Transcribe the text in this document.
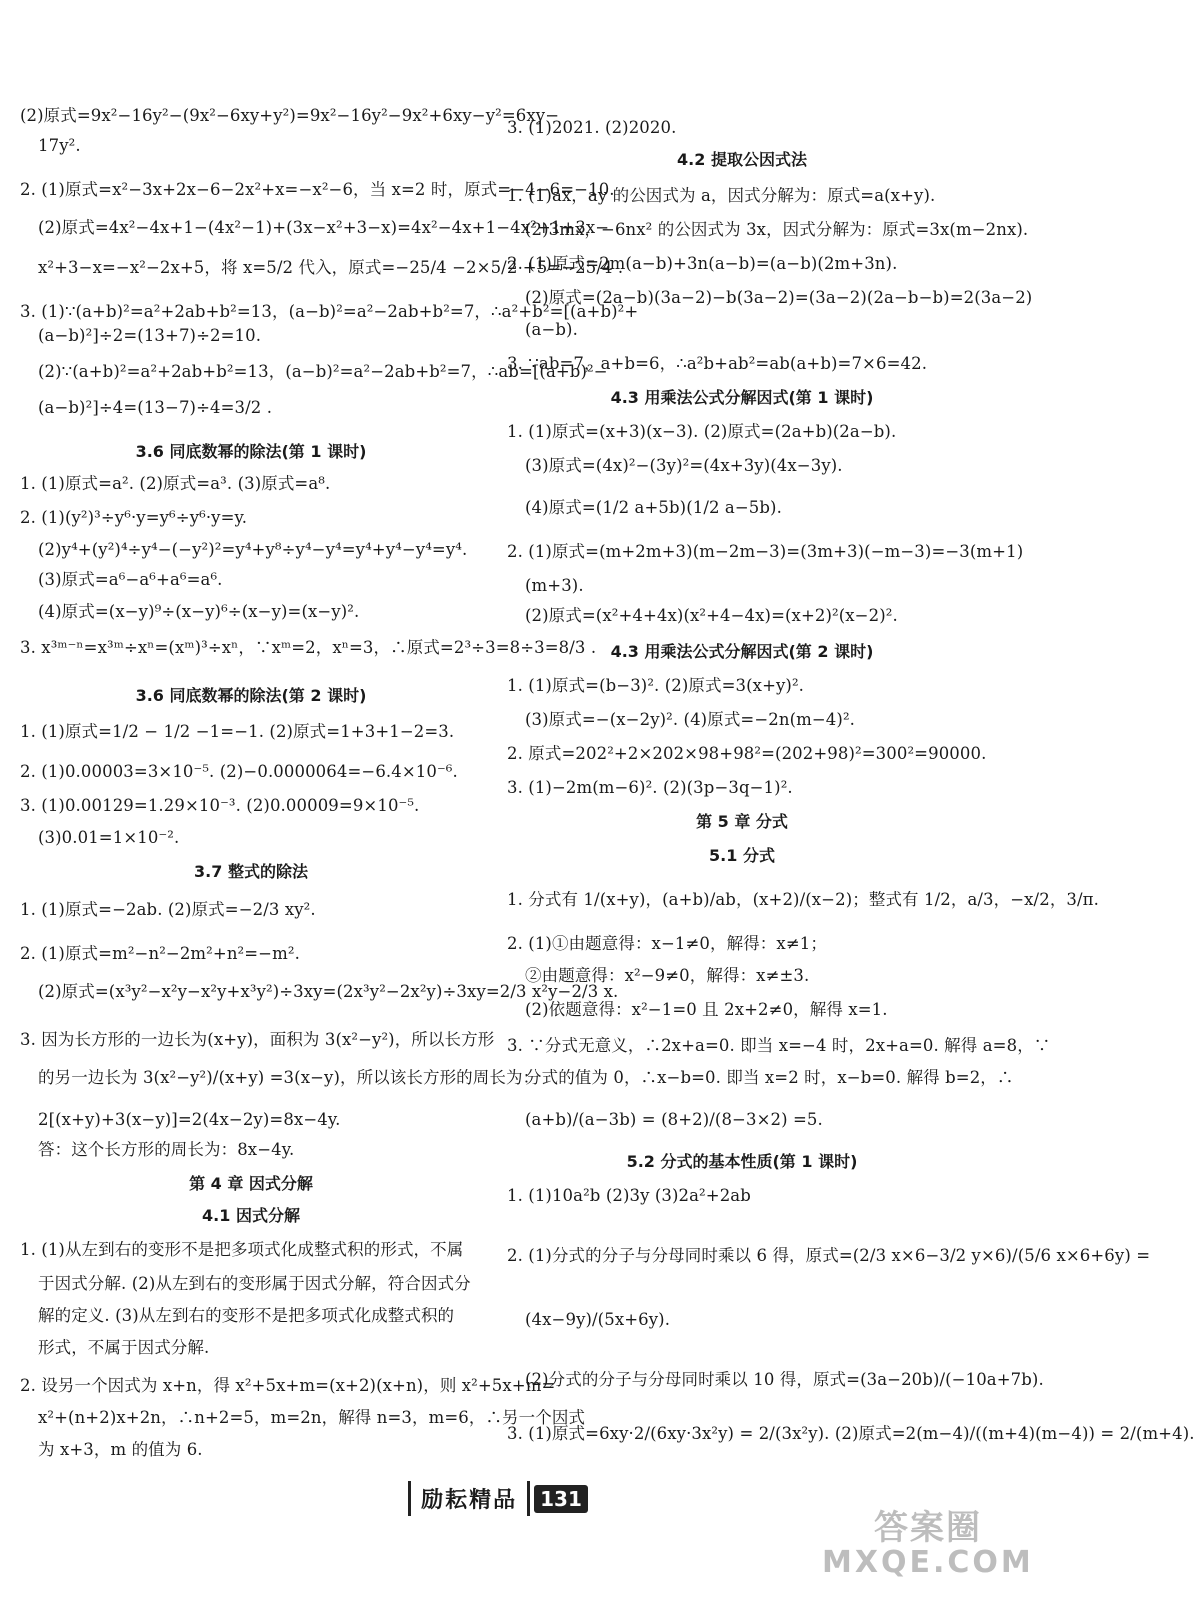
(2)原式=9x²−16y²−(9x²−6xy+y²)=9x²−16y²−9x²+6xy−y²=6xy−
17y².
2. (1)原式=x²−3x+2x−6−2x²+x=−x²−6，当 x=2 时，原式=−4−6=−10.
(2)原式=4x²−4x+1−(4x²−1)+(3x−x²+3−x)=4x²−4x+1−4x²+1+3x−
x²+3−x=−x²−2x+5，将 x=5/2 代入，原式=−25/4 −2×5/2 +5=−25/4 .
3. (1)∵(a+b)²=a²+2ab+b²=13，(a−b)²=a²−2ab+b²=7，∴a²+b²=[(a+b)²+
(a−b)²]÷2=(13+7)÷2=10.
(2)∵(a+b)²=a²+2ab+b²=13，(a−b)²=a²−2ab+b²=7，∴ab=[(a+b)²−
(a−b)²]÷4=(13−7)÷4=3/2 .
3.6 同底数幂的除法(第 1 课时)
1. (1)原式=a². (2)原式=a³. (3)原式=a⁸.
2. (1)(y²)³÷y⁶·y=y⁶÷y⁶·y=y.
(2)y⁴+(y²)⁴÷y⁴−(−y²)²=y⁴+y⁸÷y⁴−y⁴=y⁴+y⁴−y⁴=y⁴.
(3)原式=a⁶−a⁶+a⁶=a⁶.
(4)原式=(x−y)⁹÷(x−y)⁶÷(x−y)=(x−y)².
3. x³ᵐ⁻ⁿ=x³ᵐ÷xⁿ=(xᵐ)³÷xⁿ，∵xᵐ=2，xⁿ=3，∴原式=2³÷3=8÷3=8/3 .
3.6 同底数幂的除法(第 2 课时)
1. (1)原式=1/2 − 1/2 −1=−1. (2)原式=1+3+1−2=3.
2. (1)0.00003=3×10⁻⁵. (2)−0.0000064=−6.4×10⁻⁶.
3. (1)0.00129=1.29×10⁻³. (2)0.00009=9×10⁻⁵.
(3)0.01=1×10⁻².
3.7 整式的除法
1. (1)原式=−2ab. (2)原式=−2/3 xy².
2. (1)原式=m²−n²−2m²+n²=−m².
(2)原式=(x³y²−x²y−x²y+x³y²)÷3xy=(2x³y²−2x²y)÷3xy=2/3 x²y−2/3 x.
3. 因为长方形的一边长为(x+y)，面积为 3(x²−y²)，所以长方形
的另一边长为 3(x²−y²)/(x+y) =3(x−y)，所以该长方形的周长为：
2[(x+y)+3(x−y)]=2(4x−2y)=8x−4y.
答：这个长方形的周长为：8x−4y.
第 4 章 因式分解
4.1 因式分解
1. (1)从左到右的变形不是把多项式化成整式积的形式，不属
于因式分解. (2)从左到右的变形属于因式分解，符合因式分
解的定义. (3)从左到右的变形不是把多项式化成整式积的
形式，不属于因式分解.
2. 设另一个因式为 x+n，得 x²+5x+m=(x+2)(x+n)，则 x²+5x+m=
x²+(n+2)x+2n，∴n+2=5，m=2n，解得 n=3，m=6，∴另一个因式
为 x+3，m 的值为 6.
3. (1)2021. (2)2020.
4.2 提取公因式法
1. (1)ax，ay 的公因式为 a，因式分解为：原式=a(x+y).
(2)3mx，−6nx² 的公因式为 3x，因式分解为：原式=3x(m−2nx).
2. (1)原式=2m(a−b)+3n(a−b)=(a−b)(2m+3n).
(2)原式=(2a−b)(3a−2)−b(3a−2)=(3a−2)(2a−b−b)=2(3a−2)
(a−b).
3. ∵ab=7，a+b=6，∴a²b+ab²=ab(a+b)=7×6=42.
4.3 用乘法公式分解因式(第 1 课时)
1. (1)原式=(x+3)(x−3). (2)原式=(2a+b)(2a−b).
(3)原式=(4x)²−(3y)²=(4x+3y)(4x−3y).
(4)原式=(1/2 a+5b)(1/2 a−5b).
2. (1)原式=(m+2m+3)(m−2m−3)=(3m+3)(−m−3)=−3(m+1)
(m+3).
(2)原式=(x²+4+4x)(x²+4−4x)=(x+2)²(x−2)².
4.3 用乘法公式分解因式(第 2 课时)
1. (1)原式=(b−3)². (2)原式=3(x+y)².
(3)原式=−(x−2y)². (4)原式=−2n(m−4)².
2. 原式=202²+2×202×98+98²=(202+98)²=300²=90000.
3. (1)−2m(m−6)². (2)(3p−3q−1)².
第 5 章 分式
5.1 分式
1. 分式有 1/(x+y)，(a+b)/ab，(x+2)/(x−2)；整式有 1/2，a/3，−x/2，3/π.
2. (1)①由题意得：x−1≠0，解得：x≠1；
②由题意得：x²−9≠0，解得：x≠±3.
(2)依题意得：x²−1=0 且 2x+2≠0，解得 x=1.
3. ∵分式无意义，∴2x+a=0. 即当 x=−4 时，2x+a=0. 解得 a=8，∵
分式的值为 0，∴x−b=0. 即当 x=2 时，x−b=0. 解得 b=2，∴
(a+b)/(a−3b) = (8+2)/(8−3×2) =5.
5.2 分式的基本性质(第 1 课时)
1. (1)10a²b (2)3y (3)2a²+2ab
2. (1)分式的分子与分母同时乘以 6 得，原式=(2/3 x×6−3/2 y×6)/(5/6 x×6+6y) =
(4x−9y)/(5x+6y).
(2)分式的分子与分母同时乘以 10 得，原式=(3a−20b)/(−10a+7b).
3. (1)原式=6xy·2/(6xy·3x²y) = 2/(3x²y). (2)原式=2(m−4)/((m+4)(m−4)) = 2/(m+4).
励耘精品 131
答案圈
MXQE.COM
